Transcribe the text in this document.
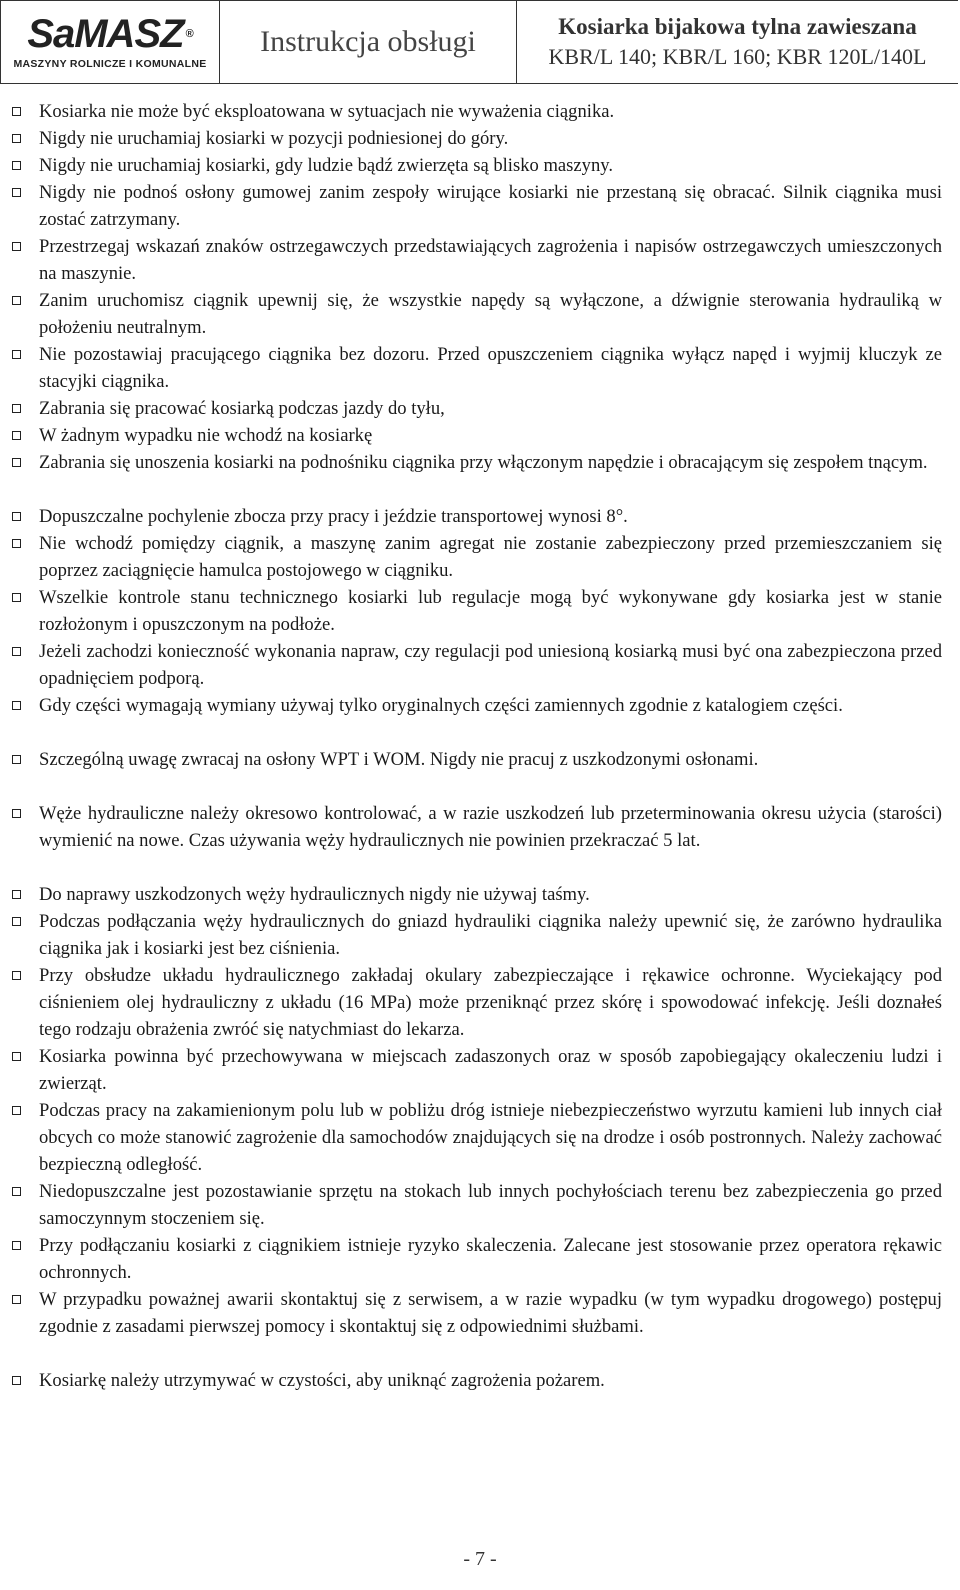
SaMASZ ®
MASZYNY ROLNICZE I KOMUNALNE
Instrukcja obsługi	Kosiarka bijakowa tylna zawieszana
KBR/L 140; KBR/L 160; KBR 120L/140L

Kosiarka nie może być eksploatowana w sytuacjach nie wyważenia ciągnika.

Nigdy nie uruchamiaj kosiarki w pozycji podniesionej do góry.

Nigdy nie uruchamiaj kosiarki, gdy ludzie bądź zwierzęta są blisko maszyny.

Nigdy nie podnoś osłony gumowej zanim zespoły wirujące kosiarki nie przestaną się obracać. Silnik ciągnika musi zostać zatrzymany.

Przestrzegaj wskazań znaków ostrzegawczych przedstawiających zagrożenia i napisów ostrzegawczych umieszczonych na maszynie.

Zanim uruchomisz ciągnik upewnij się, że wszystkie napędy są wyłączone, a dźwignie sterowania hydrauliką w położeniu neutralnym.

Nie pozostawiaj pracującego ciągnika bez dozoru. Przed opuszczeniem ciągnika wyłącz napęd i wyjmij kluczyk ze stacyjki ciągnika.

Zabrania się pracować kosiarką podczas jazdy do tyłu,

W żadnym wypadku nie wchodź na kosiarkę

Zabrania się unoszenia kosiarki na podnośniku ciągnika przy włączonym napędzie i obracającym się zespołem tnącym.

Dopuszczalne pochylenie zbocza przy pracy i jeździe transportowej wynosi 8°.

Nie wchodź pomiędzy ciągnik, a maszynę zanim agregat nie zostanie zabezpieczony przed przemieszczaniem się poprzez zaciągnięcie hamulca postojowego w ciągniku.

Wszelkie kontrole stanu technicznego kosiarki lub regulacje mogą być wykonywane gdy kosiarka jest w stanie rozłożonym i opuszczonym na podłoże.

Jeżeli zachodzi konieczność wykonania napraw, czy regulacji pod uniesioną kosiarką musi być ona zabezpieczona przed opadnięciem podporą.

Gdy części wymagają wymiany używaj tylko oryginalnych części zamiennych zgodnie z katalogiem części.

Szczególną uwagę zwracaj na osłony WPT i WOM. Nigdy nie pracuj z uszkodzonymi osłonami.

Węże hydrauliczne należy okresowo kontrolować, a w razie uszkodzeń lub przeterminowania okresu użycia (starości) wymienić na nowe. Czas używania węży hydraulicznych nie powinien przekraczać 5 lat.

Do naprawy uszkodzonych węży hydraulicznych nigdy nie używaj taśmy.

Podczas podłączania węży hydraulicznych do gniazd hydrauliki ciągnika należy upewnić się, że zarówno hydraulika ciągnika jak i kosiarki jest bez ciśnienia.

Przy obsłudze układu hydraulicznego zakładaj okulary zabezpieczające i rękawice ochronne. Wyciekający pod ciśnieniem olej hydrauliczny z układu (16 MPa) może przeniknąć przez skórę i spowodować infekcję. Jeśli doznałeś tego rodzaju obrażenia zwróć się natychmiast do lekarza.

Kosiarka powinna być przechowywana w miejscach zadaszonych oraz w sposób zapobiegający okaleczeniu ludzi i zwierząt.

Podczas pracy na zakamienionym polu lub w pobliżu dróg istnieje niebezpieczeństwo wyrzutu kamieni lub innych ciał obcych co może stanowić zagrożenie dla samochodów znajdujących się na drodze i osób postronnych. Należy zachować bezpieczną odległość.

Niedopuszczalne jest pozostawianie sprzętu na stokach lub innych pochyłościach terenu bez zabezpieczenia go przed samoczynnym stoczeniem się.

Przy podłączaniu kosiarki z ciągnikiem istnieje ryzyko skaleczenia. Zalecane jest stosowanie przez operatora rękawic ochronnych.

W przypadku poważnej awarii skontaktuj się z serwisem, a w razie wypadku (w tym wypadku drogowego) postępuj zgodnie z zasadami pierwszej pomocy i skontaktuj się z odpowiednimi służbami.

Kosiarkę należy utrzymywać w czystości, aby uniknąć zagrożenia pożarem.

- 7 -
